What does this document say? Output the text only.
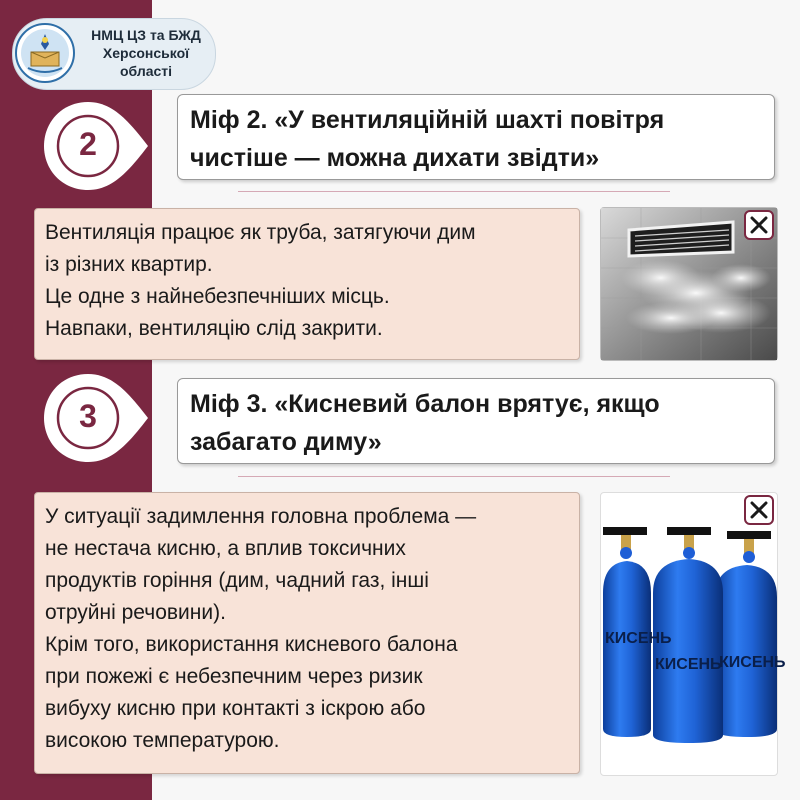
НМЦ ЦЗ та БЖД
Херсонської
області
2
Міф 2. «У вентиляційній шахті повітря
чистіше — можна дихати звідти»
Вентиляція працює як труба, затягуючи дим
із різних квартир.
Це одне з найнебезпечніших місць.
Навпаки, вентиляцію слід закрити.
3	Міф 3. «Кисневий балон врятує, якщо
забагато диму»
У ситуації задимлення головна проблема —
не нестача кисню, а вплив токсичних
продуктів горіння (дим, чадний газ, інші
отруйні речовини).
Крім того, використання кисневого балона
при пожежі є небезпечним через ризик
вибуху кисню при контакті з іскрою або
високою температурою.
КИСЕНЬ
КИСЕНЬ
КИСЕНЬ
